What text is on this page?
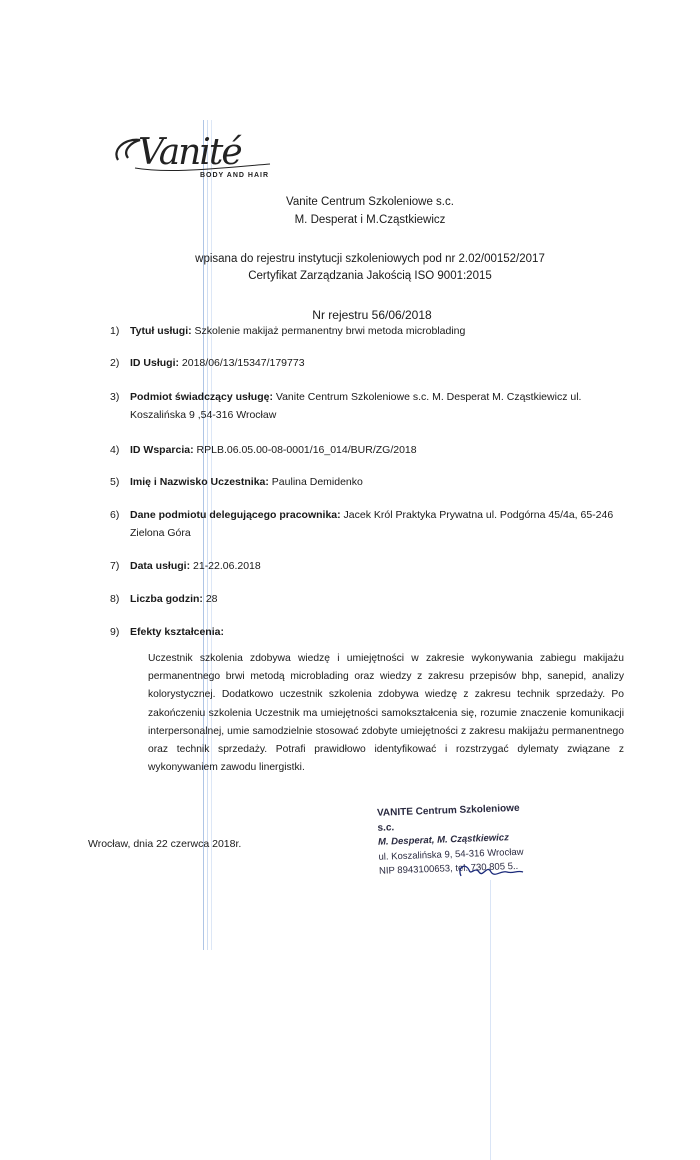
Vanité
BODY AND HAIR
Vanite Centrum Szkoleniowe s.c.
M. Desperat i M.Cząstkiewicz
wpisana do rejestru instytucji szkoleniowych pod nr 2.02/00152/2017
Certyfikat Zarządzania Jakością ISO 9001:2015
Nr rejestru 56/06/2018
1)	Tytuł usługi: Szkolenie makijaż permanentny brwi metoda microblading
2)	ID Usługi: 2018/06/13/15347/179773
3)	Podmiot świadczący usługę: Vanite Centrum Szkoleniowe s.c. M. Desperat M. Cząstkiewicz ul.
Koszalińska 9 ,54-316 Wrocław
4)	ID Wsparcia: RPLB.06.05.00-08-0001/16_014/BUR/ZG/2018
5)	Imię i Nazwisko Uczestnika: Paulina Demidenko
6)	Dane podmiotu delegującego pracownika: Jacek Król Praktyka Prywatna ul. Podgórna 45/4a, 65-246
Zielona Góra
7)	Data usługi: 21-22.06.2018
8)	Liczba godzin: 28
9)	Efekty kształcenia:
Uczestnik szkolenia zdobywa wiedzę i umiejętności w zakresie wykonywania zabiegu makijażu permanentnego brwi metodą microblading oraz wiedzy z zakresu przepisów bhp, sanepid, analizy kolorystycznej. Dodatkowo uczestnik szkolenia zdobywa wiedzę z zakresu technik sprzedaży. Po zakończeniu szkolenia Uczestnik ma umiejętności samokształcenia się, rozumie znaczenie komunikacji interpersonalnej, umie samodzielnie stosować zdobyte umiejętności z zakresu makijażu permanentnego oraz technik sprzedaży. Potrafi prawidłowo identyfikować i rozstrzygać dylematy związane z wykonywaniem zawodu linergistki.
Wrocław, dnia 22 czerwca 2018r.
VANITE Centrum Szkoleniowe s.c.
M. Desperat, M. Cząstkiewicz
ul. Koszalińska 9, 54-316 Wrocław
NIP 8943100653, tel. 730 805 5..
